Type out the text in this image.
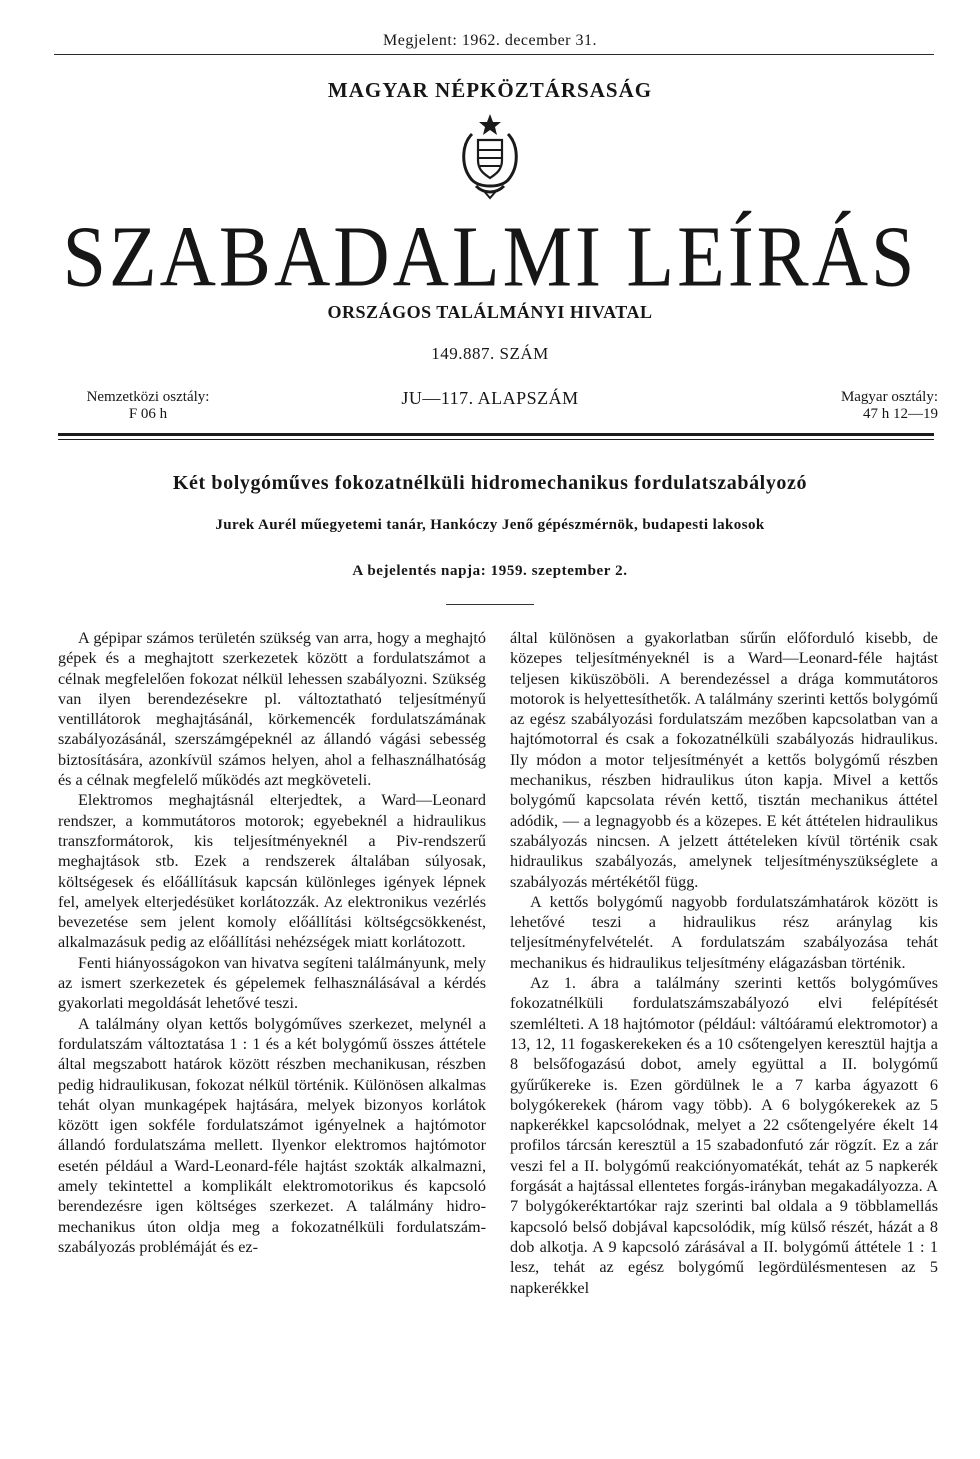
Megjelent: 1962. december 31.
MAGYAR NÉPKÖZTÁRSASÁG
SZABADALMI LEÍRÁS
ORSZÁGOS TALÁLMÁNYI HIVATAL
149.887. SZÁM
JU—117. ALAPSZÁM
Nemzetközi osztály:
F 06 h
Magyar osztály:
47 h 12—19
Két bolygóműves fokozatnélküli hidromechanikus fordulatszabályozó
Jurek Aurél műegyetemi tanár, Hankóczy Jenő gépészmérnök, budapesti lakosok
A bejelentés napja: 1959. szeptember 2.

A gépipar számos területén szükség van arra, hogy a meghajtó gépek és a meghajtott szerkezetek között a fordulatszámot a célnak megfelelően fokozat nélkül lehessen szabályozni. Szükség van ilyen berendezésekre pl. változtatható teljesítményű ventillátorok meghajtásánál, körkemencék fordulatszámának szabályozásánál, szerszámgépeknél az állandó vágási sebesség biztosítására, azonkívül számos helyen, ahol a felhasználhatóság és a célnak megfelelő működés azt megköveteli.

Elektromos meghajtásnál elterjedtek, a Ward—Leonard rendszer, a kommutátoros motorok; egyebeknél a hidraulikus transzformátorok, kis teljesítményeknél a Piv-rendszerű meghajtások stb. Ezek a rendszerek általában súlyosak, költségesek és előállításuk kapcsán különleges igények lépnek fel, amelyek elterjedésüket korlátozzák. Az elektronikus vezérlés bevezetése sem jelent komoly előállítási költségcsökkenést, alkalmazásuk pedig az előállítási nehézségek miatt korlátozott.

Fenti hiányosságokon van hivatva segíteni találmányunk, mely az ismert szerkezetek és gépelemek felhasználásával a kérdés gyakorlati megoldását lehetővé teszi.

A találmány olyan kettős bolygóműves szerkezet, melynél a fordulatszám változtatása 1 : 1 és a két bolygómű összes áttétele által megszabott határok között részben mechanikusan, részben pedig hidraulikusan, fokozat nélkül történik. Különösen alkalmas tehát olyan munkagépek hajtására, melyek bizonyos korlátok között igen sokféle fordulatszámot igényelnek a hajtómotor állandó fordulatszáma mellett. Ilyenkor elektromos hajtómotor esetén például a Ward-Leonard-féle hajtást szokták alkalmazni, amely tekintettel a komplikált elektromotorikus és kapcsoló berendezésre igen költséges szerkezet. A találmány hidro-mechanikus úton oldja meg a fokozatnélküli fordulatszám-szabályozás problémáját és ez-

által különösen a gyakorlatban sűrűn előforduló kisebb, de közepes teljesítményeknél is a Ward—Leonard-féle hajtást teljesen kiküszöböli. A berendezéssel a drága kommutátoros motorok is helyettesíthetők. A találmány szerinti kettős bolygómű az egész szabályozási fordulatszám mezőben kapcsolatban van a hajtómotorral és csak a fokozatnélküli szabályozás hidraulikus. Ily módon a motor teljesítményét a kettős bolygómű részben mechanikus, részben hidraulikus úton kapja. Mivel a kettős bolygómű kapcsolata révén kettő, tisztán mechanikus áttétel adódik, — a legnagyobb és a közepes. E két áttételen hidraulikus szabályozás nincsen. A jelzett áttételeken kívül történik csak hidraulikus szabályozás, amelynek teljesítményszükséglete a szabályozás mértékétől függ.

A kettős bolygómű nagyobb fordulatszámhatárok között is lehetővé teszi a hidraulikus rész aránylag kis teljesítményfelvételét. A fordulatszám szabályozása tehát mechanikus és hidraulikus teljesítmény elágazásban történik.

Az 1. ábra a találmány szerinti kettős bolygóműves fokozatnélküli fordulatszámszabályozó elvi felépítését szemlélteti. A 18 hajtómotor (például: váltóáramú elektromotor) a 13, 12, 11 fogaskerekeken és a 10 csőtengelyen keresztül hajtja a 8 belsőfogazású dobot, amely együttal a II. bolygómű gyűrűkereke is. Ezen gördülnek le a 7 karba ágyazott 6 bolygókerekek (három vagy több). A 6 bolygókerekek az 5 napkerékkel kapcsolódnak, melyet a 22 csőtengelyére ékelt 14 profilos tárcsán keresztül a 15 szabadonfutó zár rögzít. Ez a zár veszi fel a II. bolygómű reakciónyomatékát, tehát az 5 napkerék forgását a hajtással ellentetes forgás-irányban megakadályozza. A 7 bolygókeréktartókar rajz szerinti bal oldala a 9 többlamellás kapcsoló belső dobjával kapcsolódik, míg külső részét, házát a 8 dob alkotja. A 9 kapcsoló zárásával a II. bolygómű áttétele 1 : 1 lesz, tehát az egész bolygómű legördülésmentesen az 5 napkerékkel
